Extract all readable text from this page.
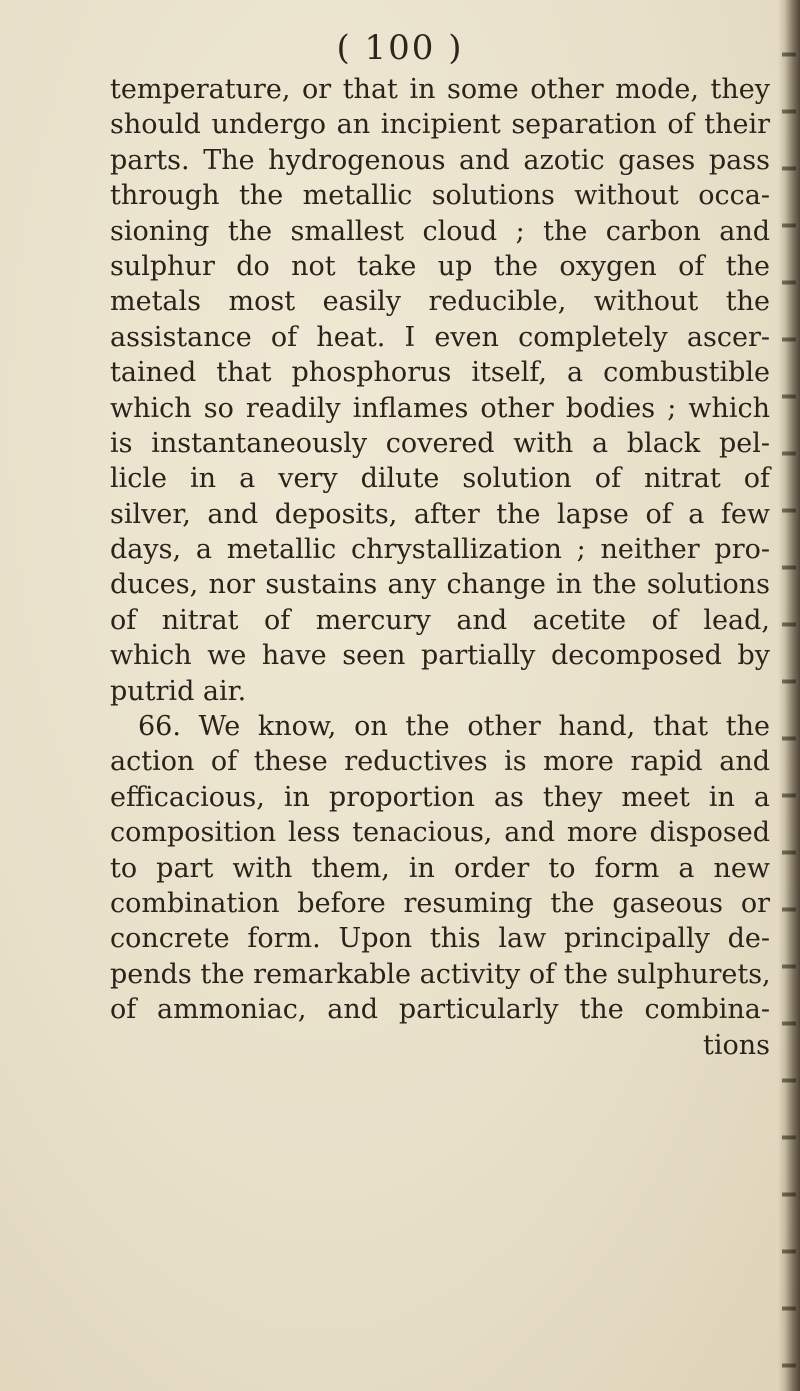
( 100 )
temperature, or that in some other mode, they
should undergo an incipient separation of their
parts. The hydrogenous and azotic gases pass
through the metallic solutions without occa-
sioning the smallest cloud ; the carbon and
sulphur do not take up the oxygen of the
metals most easily reducible, without the
assistance of heat. I even completely ascer-
tained that phosphorus itself, a combustible
which so readily inflames other bodies ; which
is instantaneously covered with a black pel-
licle in a very dilute solution of nitrat of
silver, and deposits, after the lapse of a few
days, a metallic chrystallization ; neither pro-
duces, nor sustains any change in the solutions
of nitrat of mercury and acetite of lead,
which we have seen partially decomposed by
putrid air.
66. We know, on the other hand, that the
action of these reductives is more rapid and
efficacious, in proportion as they meet in a
composition less tenacious, and more disposed
to part with them, in order to form a new
combination before resuming the gaseous or
concrete form. Upon this law principally de-
pends the remarkable activity of the sulphurets,
of ammoniac, and particularly the combina-
tions
